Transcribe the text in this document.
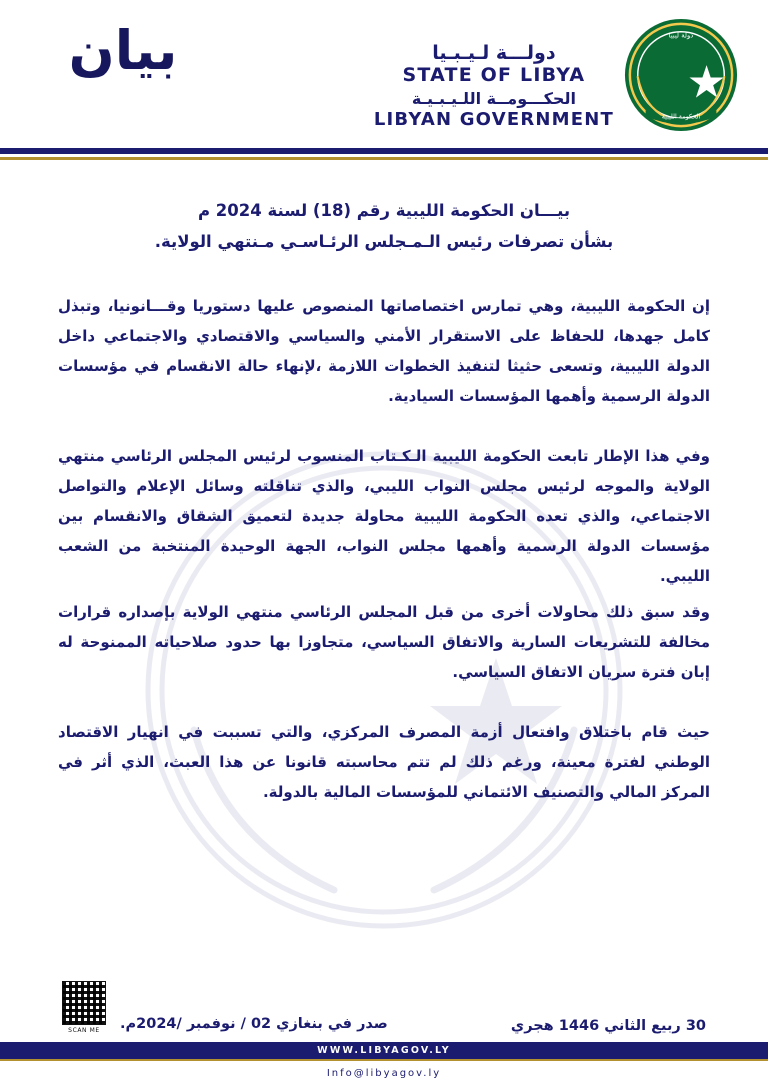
الحكومة الليبية
دولة ليبيا
دولـــة لـيـبـيا
STATE OF LIBYA
الحكـــومــة اللـيـبـيـة
LIBYAN GOVERNMENT
بيان
بيـــان الحكومة الليبية رقم (18) لسنة 2024 م
بشأن تصرفات رئيس الـمـجلس الرئـاسـي مـنتهي الولاية.

إن الحكومة الليبية، وهي تمارس اختصاصاتها المنصوص عليها دستوريا وقـــانونيا، وتبذل كامل جهدها، للحفاظ على الاستقرار الأمني والسياسي والاقتصادي والاجتماعي داخل الدولة الليبية، وتسعى حثيثا لتنفيذ الخطوات اللازمة ،لإنهاء حالة الانقسام في مؤسسات الدولة الرسمية وأهمها المؤسسات السيادية.

وفي هذا الإطار تابعت الحكومة الليبية الـكـتاب المنسوب لرئيس المجلس الرئاسي منتهي الولاية والموجه لرئيس مجلس النواب الليبي، والذي تناقلته وسائل الإعلام والتواصل الاجتماعي، والذي تعده الحكومة الليبية محاولة جديدة لتعميق الشقاق والانقسام بين مؤسسات الدولة الرسمية وأهمها مجلس النواب، الجهة الوحيدة المنتخبة من الشعب الليبي.

وقد سبق ذلك محاولات أخرى من قبل المجلس الرئاسي منتهي الولاية بإصدارە قرارات مخالفة للتشريعات السارية والاتفاق السياسي، متجاوزا بها حدود صلاحياته الممنوحة له إبان فترة سريان الاتفاق السياسي.

حيث قام باختلاق وافتعال أزمة المصرف المركزي، والتي تسببت في انهيار الاقتصاد الوطني لفترة معينة، ورغم ذلك لم تتم محاسبته قانونا عن هذا العبث، الذي أثر في المركز المالي والتصنيف الائتماني للمؤسسات المالية بالدولة.

30 ربيع الثاني 1446 هجري
صدر في بنغازي 02 / نوفمبر /2024م.
SCAN ME
WWW.LIBYAGOV.LY
Info@libyagov.ly
